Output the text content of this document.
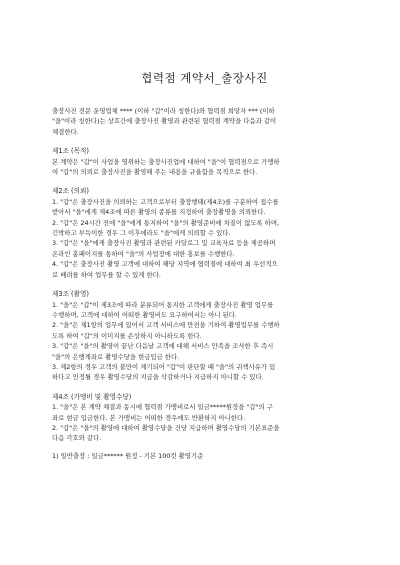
협력점 계약서_출장사진

출장사진 전문 운영업체 **** (이하 "갑"이라 칭한다)와 협력점 희망자 *** (이하

"을"이라 칭한다)는 상호간에 출장사진 촬영과 관련된 협력점 계약을 다음과 같이

체결한다.

제1조 (목적)

본 계약은 "갑"이 사업을 영위하는 출장사진업에 대하여 "을"이 협력점으로 가맹하

여 "갑"의 의뢰로 출장사진을 촬영해 주는 내용을 규율함을 목적으로 한다.

제2조 (의뢰)

1. "갑"은 출장사진을 의뢰하는 고객으로부터 출장행태(제4조)를 구분하여 접수를

받아서 "을"에게 제4조에 따른 촬영의 종류를 지정하여 출장촬영을 의뢰한다.

2. "갑"은 24시간 전에 "을"에게 통지하여 "을"의 촬영준비에 차질이 없도록 하며,

긴박하고 부득이한 경우 그 이후에라도 "을"에게 의뢰할 수 있다.

3. "갑"은 "을"에게 출장사진 촬영과 관련된 카달로그 및 교육자료 등을 제공하며

온라인 홈페이지를 통하여 "을"의 사업장에 대한 홍보를 수행한다.

4. "갑"은 출장사진 촬영 고객에 대하여 해당 지역에 협력점에 대하여 최 우선적으

로 배려를 하여 업무를 할 수 있게 한다.

제3조 (촬영)

1. "을"은 "갑"이 제3조에 따라 분류되어 통지한 고객에게 출장사진 촬영 업무를

수행하며, 고객에 대하여 어떠한 촬영비도 요구하여서는 아니 된다.

2. "을"은 제1항의 업무에 있어서 고객 서비스에 만전을 기하여 촬영업무를 수행하

도록 하여 "갑"의 이미지를 손상하지 아니하도록 한다.

3. "갑"은 "을"의 촬영이 끝난 다음날 고객에 대해 서비스 만족을 조사한 후 즉시

"을"의 은행계좌로 촬영수당을 현금입금 한다.

3. 제2항의 경우 고객의 불만이 제기되어 "갑"이 판단할 때 "을"의 귀책사유가 있

하다고 인정될 경우 촬영수당의 지급을 삭감하거나 지급하지 아니할 수 있다.

제4조 (가맹비 및 촬영수당)

1. "을"은 본 계약 체결과 동시에 협력점 가맹비로서 일금*****원정을 "갑"의 구

좌로 현금 입금한다. 본 가맹비는 어떠한 경우에도 반환하지 아니한다.

2. "갑"은 "을"의 촬영에 대하여 촬영수당을 건당 지급하며 촬영수당의 기본표준을

다음 각호와 같다.

1) 일반출장 : 일금****** 원정 - 기본 100컷 촬영기준
